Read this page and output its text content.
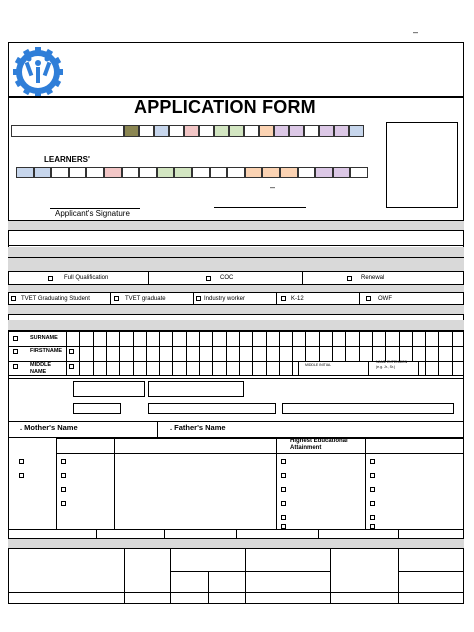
–
APPLICATION FORM
LEARNERS'
–
Applicant's Signature
Full Qualification	COC	Renewal
TVET Graduating Student	TVET graduate	Industry worker	K-12	OWF
SURNAME
FIRSTNAME
MIDDLE
NAME
MIDDLE INITIAL
NAME EXTENSION
(e.g. Jr., Sr.)
. Mother's Name	. Father's Name
Highest Educational Attainment
